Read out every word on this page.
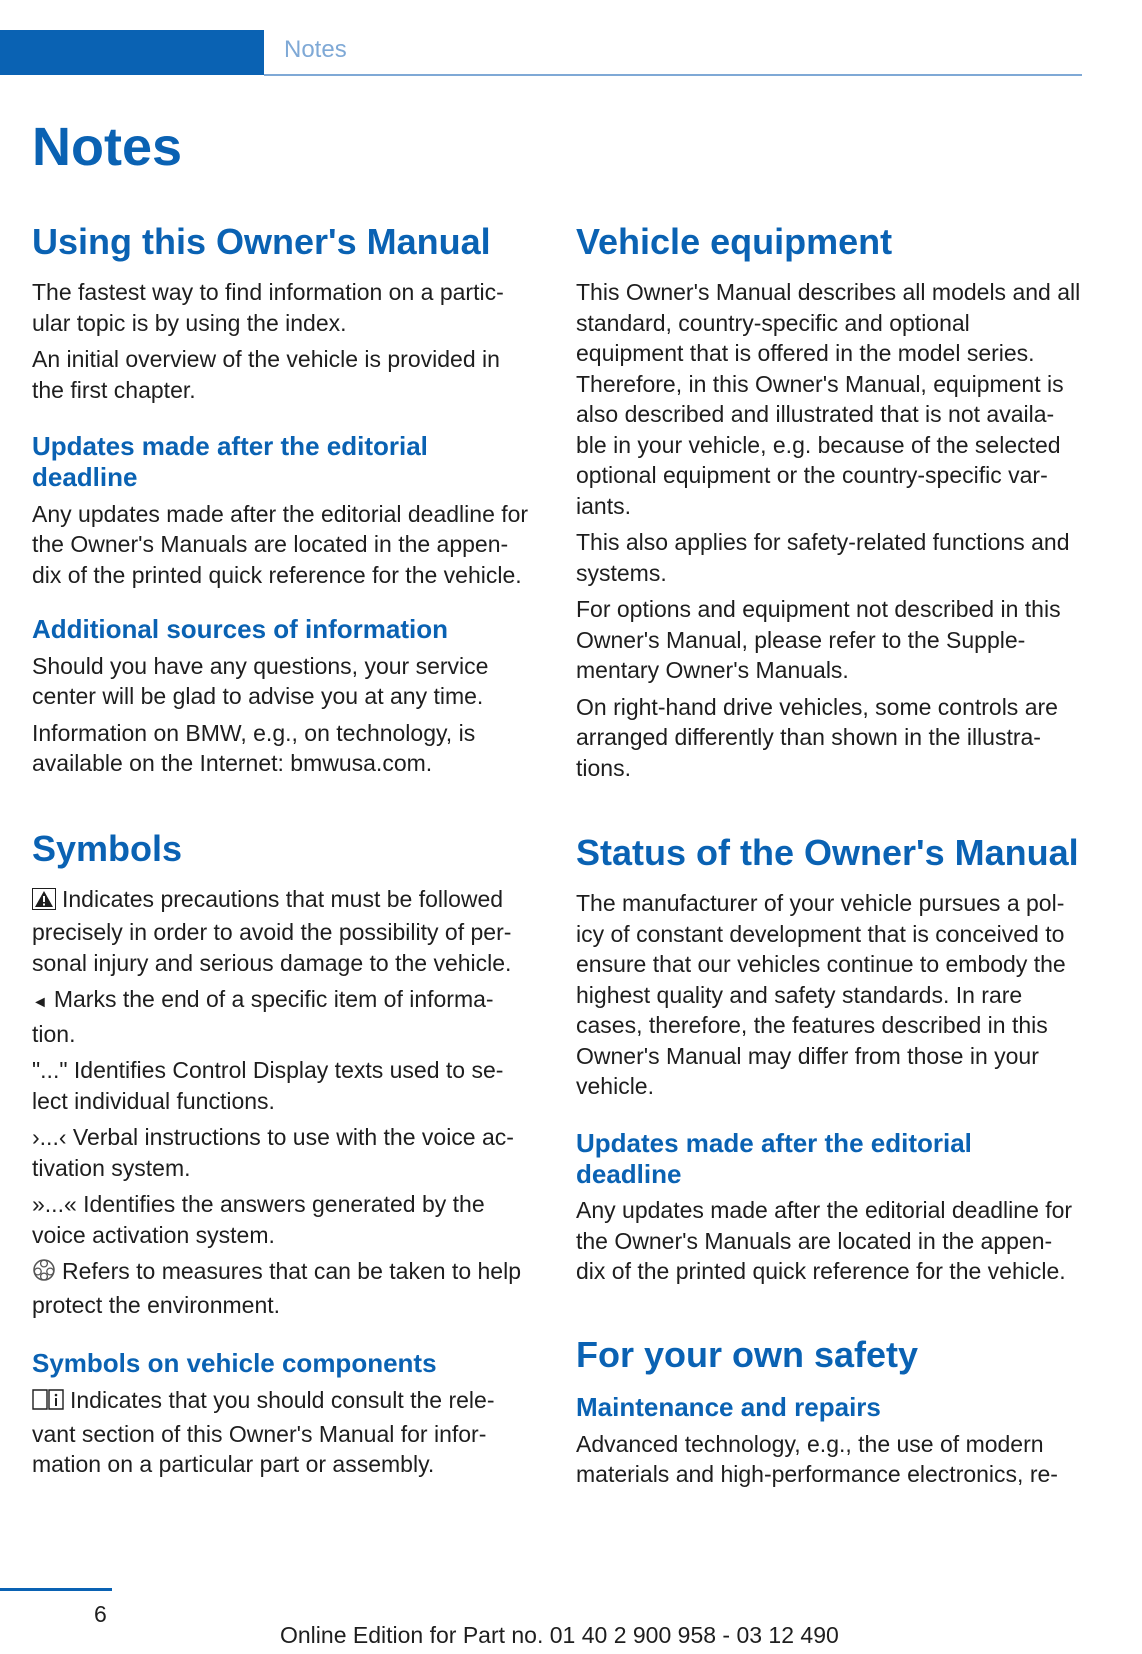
Notes
Notes
Using this Owner's Manual

The fastest way to find information on a partic‐ ular topic is by using the index.

An initial overview of the vehicle is provided in the first chapter.

Updates made after the editorial deadline

Any updates made after the editorial deadline for the Owner's Manuals are located in the appen‐ dix of the printed quick reference for the vehicle.

Additional sources of information

Should you have any questions, your service center will be glad to advise you at any time.

Information on BMW, e.g., on technology, is available on the Internet: bmwusa.com.

Symbols

Indicates precautions that must be followed precisely in order to avoid the possibility of per‐ sonal injury and serious damage to the vehicle.

◄ Marks the end of a specific item of informa‐ tion.

"..." Identifies Control Display texts used to se‐ lect individual functions.

›...‹ Verbal instructions to use with the voice ac‐ tivation system.

»...« Identifies the answers generated by the voice activation system.

Refers to measures that can be taken to help protect the environment.

Symbols on vehicle components

Indicates that you should consult the rele‐ vant section of this Owner's Manual for infor‐ mation on a particular part or assembly.

Vehicle equipment

This Owner's Manual describes all models and all standard, country-specific and optional equipment that is offered in the model series. Therefore, in this Owner's Manual, equipment is also described and illustrated that is not availa‐ ble in your vehicle, e.g. because of the selected optional equipment or the country-specific var‐ iants.

This also applies for safety-related functions and systems.

For options and equipment not described in this Owner's Manual, please refer to the Supple‐ mentary Owner's Manuals.

On right-hand drive vehicles, some controls are arranged differently than shown in the illustra‐ tions.

Status of the Owner's Manual

The manufacturer of your vehicle pursues a pol‐ icy of constant development that is conceived to ensure that our vehicles continue to embody the highest quality and safety standards. In rare cases, therefore, the features described in this Owner's Manual may differ from those in your vehicle.

Updates made after the editorial deadline

Any updates made after the editorial deadline for the Owner's Manuals are located in the appen‐ dix of the printed quick reference for the vehicle.

For your own safety
Maintenance and repairs

Advanced technology, e.g., the use of modern materials and high-performance electronics, re‐

6
Online Edition for Part no. 01 40 2 900 958 - 03 12 490
